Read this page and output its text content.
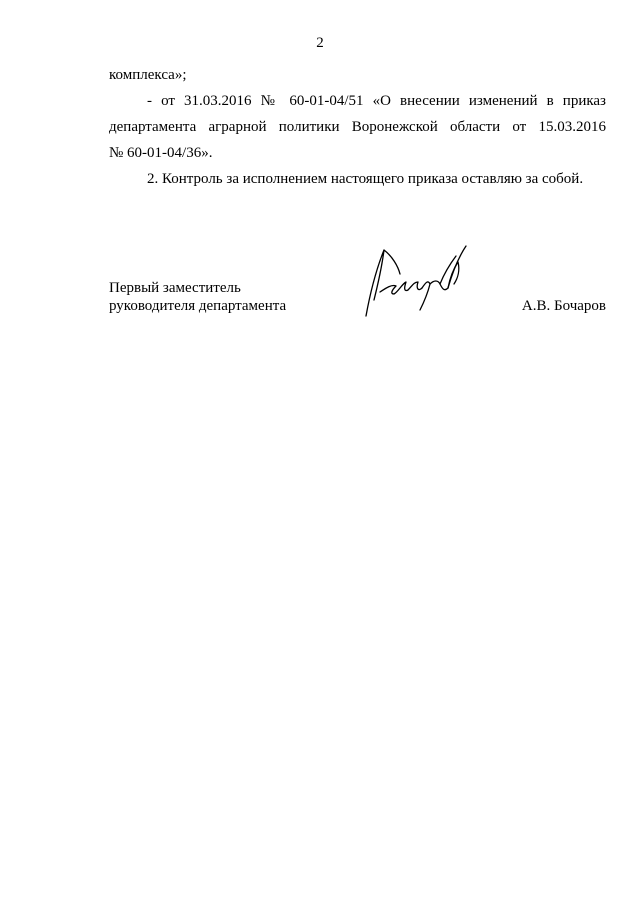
2

комплекса»;

- от 31.03.2016 № 60-01-04/51 «О внесении изменений в приказ

департамента аграрной политики Воронежской области от 15.03.2016

№ 60-01-04/36».

2. Контроль за исполнением настоящего приказа оставляю за собой.

Первый заместитель
руководителя департамента	А.В. Бочаров
